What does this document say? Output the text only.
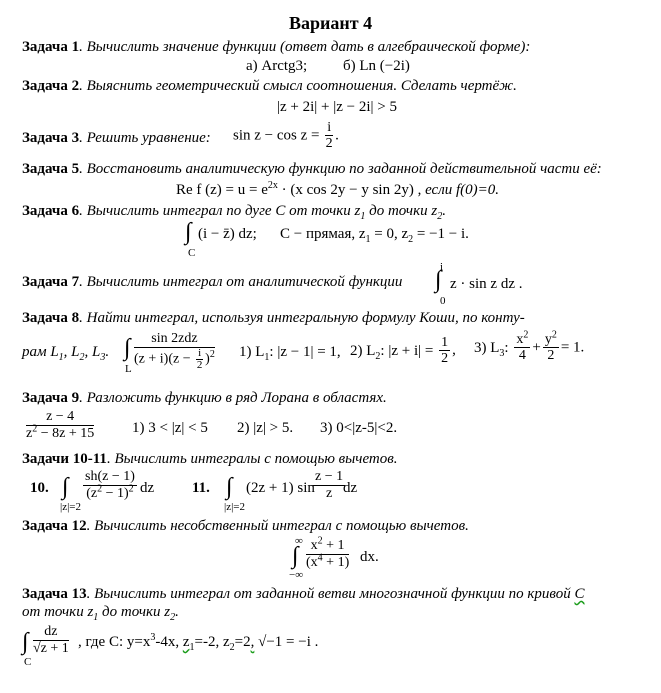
Вариант 4
Задача 1. Вычислить значение функции (ответ дать в алгебраической форме):
а) Arctg3; б) Ln (−2i)
Задача 2. Выяснить геометрический смысл соотношения. Сделать чертёж.
|z + 2i| + |z − 2i| > 5
Задача 3. Решить уравнение: $\sin z - \cos z = \frac{i}{2}$ .
Задача 5. Восстановить аналитическую функцию по заданной действительной части её:
Re f $(z) = u = e^{2x} \cdot (x$ cos 2y − y sin 2y) , если f(0)=0.
Задача 6. Вычислить интеграл по дуге C от точки $z_1$ до точки $z_2$.
∫
C
(i − z̄) dz; C − прямая, $z_1 = 0$, $z_2 = -1 - i$.
Задача 7. Вычислить интеграл от аналитической функции
i
∫
0
z · sin z dz .
Задача 8. Найти интеграл, используя интегральную формулу Коши, по конту-
рам $L_1$, $L_2$, $L_3$. ∫
L
sin 2zdz
$(z + i)(z - \frac{i}{2} )^2$ 1) $L_1$: |z − 1| = 1, 2) $L_2$: $|z + i| = \frac{1}{2}$ , 3) $L_3$: $\frac{x^2}{4} + \frac{y^2}{2} = 1$.
Задача 9. Разложить функцию в ряд Лорана в областях.
$\frac{z - 4}{z^2 - 8z + 15}$	1) 3 < |z| < 5 2) |z| > 5. 3) 0<|z-5|<2.
Задачи 10-11. Вычислить интегралы с помощью вычетов.
10. ∫
|z|=2
$\frac{sh(z - 1)}{(z^2 - 1)^2}$ dz	11. ∫
|z|=2
(2z + 1) sin
$\frac{z - 1}{z}$
dz
Задача 12. Вычислить несобственный интеграл с помощью вычетов.
∞
∫
−∞
$\frac{x^2 + 1}{(x^4 + 1)}$ dx.
Задача 13. Вычислить интеграл от заданной ветви многозначной функции по кривой C
от точки $z_1$ до точки $z_2$.
∫
C
$\frac{dz}{√z + 1}$ , где C: $y=x^3-4x$, $z_1=-2$, $z_2=2$, √−1 = −i .
